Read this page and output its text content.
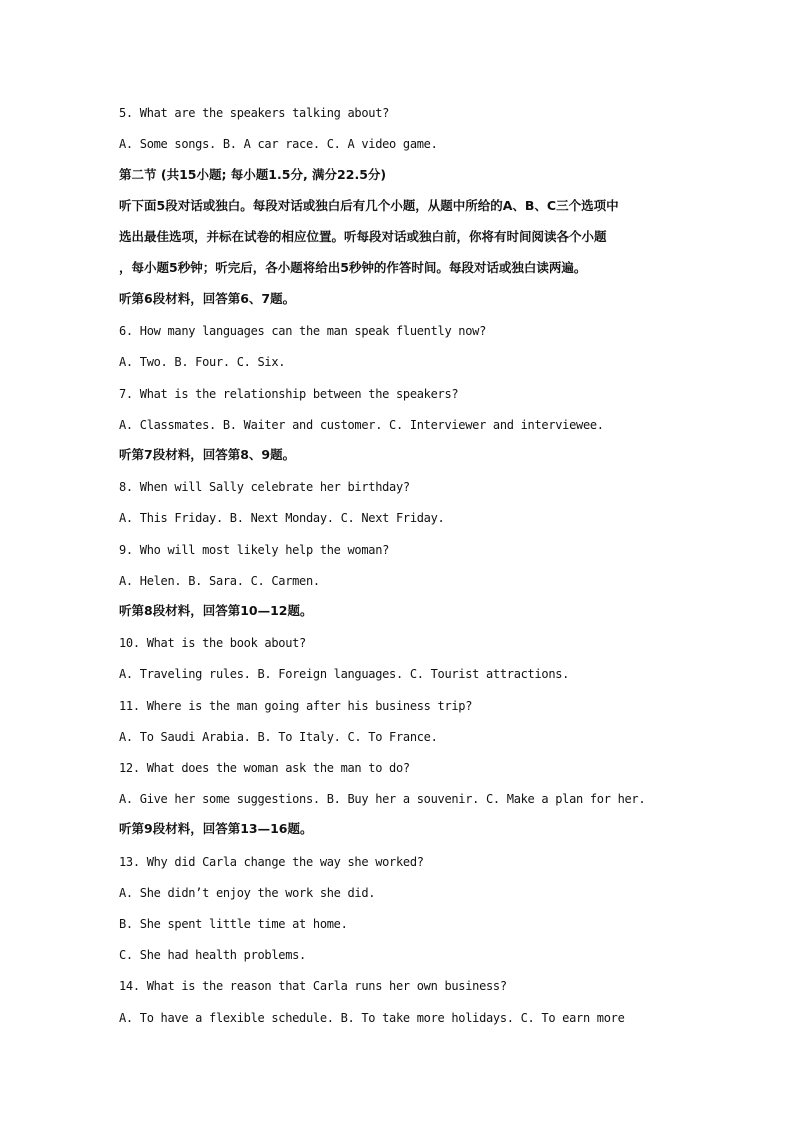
5. What are the speakers talking about?
A. Some songs. B. A car race. C. A video game.
第二节 (共15小题; 每小题1.5分, 满分22.5分)
听下面5段对话或独白。每段对话或独白后有几个小题，从题中所给的A、B、C三个选项中
选出最佳选项，并标在试卷的相应位置。听每段对话或独白前，你将有时间阅读各个小题
，每小题5秒钟；听完后，各小题将给出5秒钟的作答时间。每段对话或独白读两遍。
听第6段材料，回答第6、7题。
6. How many languages can the man speak fluently now?
A. Two. B. Four. C. Six.
7. What is the relationship between the speakers?
A. Classmates. B. Waiter and customer. C. Interviewer and interviewee.
听第7段材料，回答第8、9题。
8. When will Sally celebrate her birthday?
A. This Friday. B. Next Monday. C. Next Friday.
9. Who will most likely help the woman?
A. Helen. B. Sara. C. Carmen.
听第8段材料，回答第10—12题。
10. What is the book about?
A. Traveling rules. B. Foreign languages. C. Tourist attractions.
11. Where is the man going after his business trip?
A. To Saudi Arabia. B. To Italy. C. To France.
12. What does the woman ask the man to do?
A. Give her some suggestions. B. Buy her a souvenir. C. Make a plan for her.
听第9段材料，回答第13—16题。
13. Why did Carla change the way she worked?
A. She didn’t enjoy the work she did.
B. She spent little time at home.
C. She had health problems.
14. What is the reason that Carla runs her own business?
A. To have a flexible schedule. B. To take more holidays. C. To earn more
